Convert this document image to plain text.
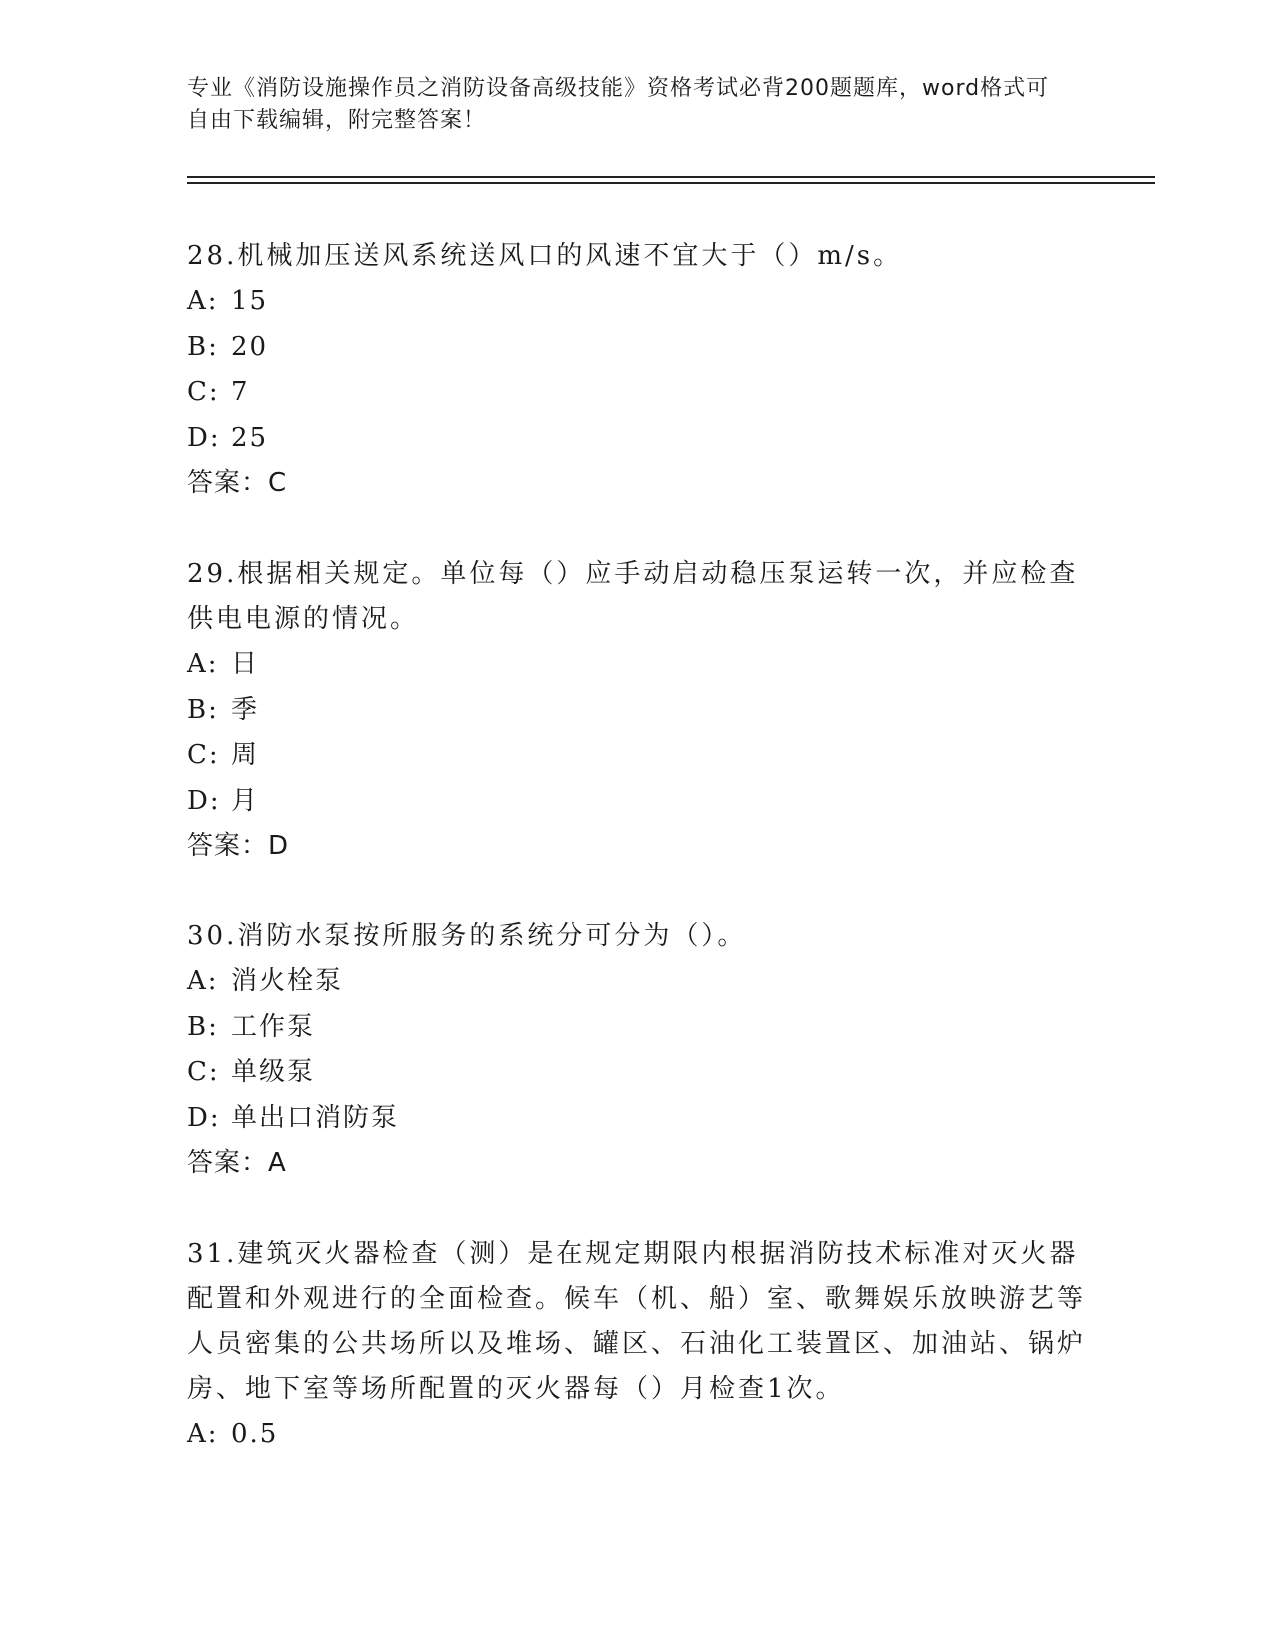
专业《消防设施操作员之消防设备高级技能》资格考试必背200题题库，word格式可自由下载编辑，附完整答案！

28.机械加压送风系统送风口的风速不宜大于（）m/s。

A: 15
B: 20
C: 7
D: 25
答案： C

29.根据相关规定。单位每（）应手动启动稳压泵运转一次，并应检查供电电源的情况。

A: 日
B: 季
C: 周
D: 月
答案： D

30.消防水泵按所服务的系统分可分为（）。

A: 消火栓泵
B: 工作泵
C: 单级泵
D: 单出口消防泵
答案： A

31.建筑灭火器检查（测）是在规定期限内根据消防技术标准对灭火器配置和外观进行的全面检查。候车（机、船）室、歌舞娱乐放映游艺等人员密集的公共场所以及堆场、罐区、石油化工装置区、加油站、锅炉房、地下室等场所配置的灭火器每（）月检查1次。

A: 0.5
